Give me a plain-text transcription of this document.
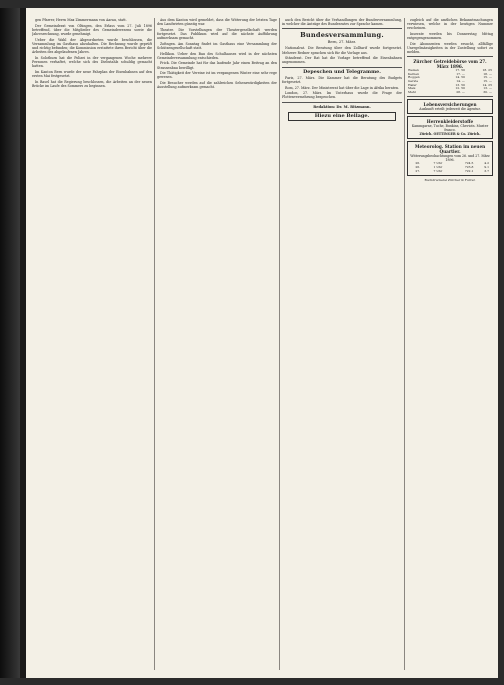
gen Pfarrer, Herrn Max Zimmermann von Aarau, statt.

Der Gemeinderat von Oltingen, den Erlass vom 27. Juli 1896 betreffend, über die Mitglieder des Gemeindewesens sowie die Jahresrechnung, wurde genehmigt.

Ueber die Wahl der Abgeordneten wurde beschlossen, die Versammlung im Gasthaus abzuhalten. Die Rechnung wurde geprüft und richtig befunden; die Kommission erstattete ihren Bericht über die Arbeiten des abgelaufenen Jahres.

In Solothurn hat die Polizei in der vergangenen Woche mehrere Personen verhaftet, welche sich des Diebstahls schuldig gemacht hatten.

Im Kanton Bern wurde der neue Fahrplan der Eisenbahnen auf den ersten Mai festgesetzt.

In Basel hat die Regierung beschlossen, die Arbeiten an der neuen Brücke im Laufe des Sommers zu beginnen.

Aus dem Kanton wird gemeldet, dass die Witterung der letzten Tage den Landwirten günstig war.

Theater. Die Vorstellungen der Theatergesellschaft werden fortgesetzt. Das Publikum wird auf die nächste Aufführung aufmerksam gemacht.

Zofingen. Am Sonntag findet im Gasthaus eine Versammlung der Schützengesellschaft statt.

Hellikon. Ueber den Bau des Schulhauses wird in der nächsten Gemeindeversammlung entschieden.

Frick. Die Gemeinde hat für das laufende Jahr einen Beitrag an den Strassenbau bewilligt.

Die Thätigkeit der Vereine ist im vergangenen Winter eine sehr rege gewesen.

Die Besucher werden auf die zahlreichen Sehenswürdigkeiten der Ausstellung aufmerksam gemacht.

auch den Bericht über die Verhandlungen der Bundesversammlung, in welcher die Anträge des Bundesrates zur Sprache kamen.

Bundesversammlung.
Bern, 27. März.

Nationalrat. Die Beratung über den Zolltarif wurde fortgesetzt. Mehrere Redner sprachen sich für die Vorlage aus.

Ständerat. Der Rat hat die Vorlage betreffend die Eisenbahnen angenommen.

Depeschen und Telegramme.

Paris, 27. März. Die Kammer hat die Beratung des Budgets fortgesetzt.

Rom, 27. März. Der Ministerrat hat über die Lage in Afrika beraten.

London, 27. März. Im Unterhaus wurde die Frage der Flottenvermehrung besprochen.

Redaktion: Dr. M. Ritzmann.
Hiezu eine Beilage.

zugleich auf die amtlichen Bekanntmachungen verwiesen, welche in der heutigen Nummer erscheinen.

Inserate werden bis Donnerstag Mittag entgegengenommen.

Die Abonnenten werden ersucht, allfällige Unregelmässigkeiten in der Zustellung sofort zu melden.

Zürcher Getreidebörse vom 27. März 1896.
Weizen	17. 50	18. 25
Kernen	17. —	18. —
Roggen	14. 50	15. —
Gerste	14. —	15. —
Hafer	13. 50	14. 25
Mais	12. 50	13. —
Mehl	28. —	30. —
Lebensversicherungen
Auskunft erteilt jederzeit die Agentur.
Herrenkleiderstoffe
Kammgarne, Tuche, Buxkins, Cheviots. Muster franco.
Zürich. OETTINGER & Co. Zürich.
Meteorolog. Station im neuen Quartier.
Witterungsbeobachtungen vom 26. und 27. März 1896.
26.	7 Uhr	724.5	4.2
26.	1 Uhr	723.8	9.1
27.	7 Uhr	722.1	3.7
Buchdruckerei Zürcher & Furrer.
